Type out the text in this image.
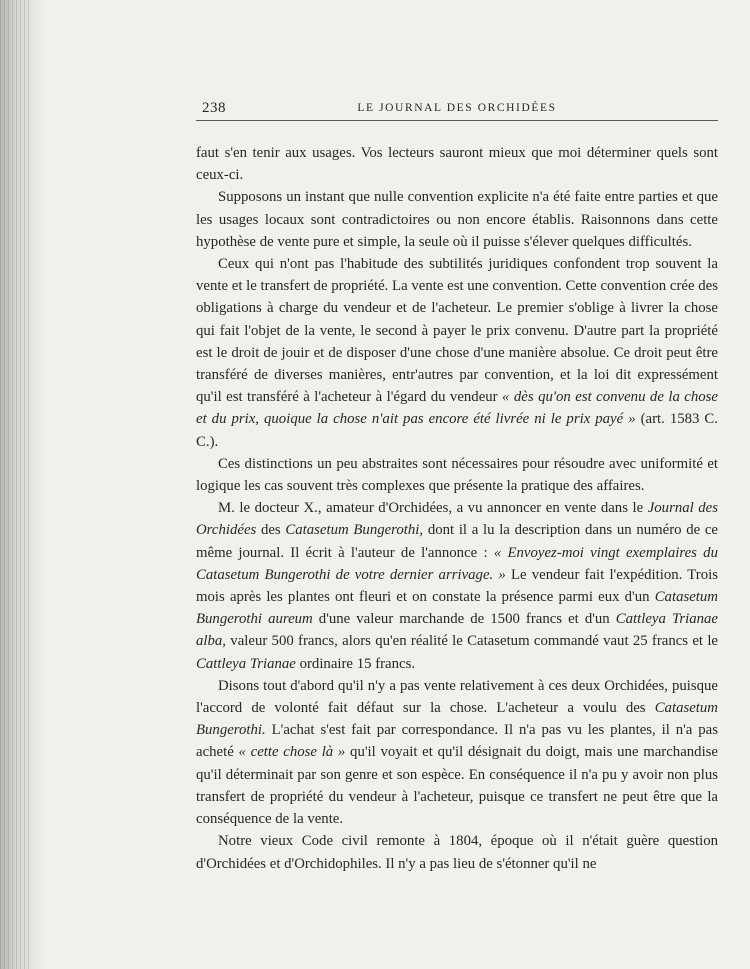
238	LE JOURNAL DES ORCHIDÉES

faut s'en tenir aux usages. Vos lecteurs sauront mieux que moi déterminer quels sont ceux-ci.

Supposons un instant que nulle convention explicite n'a été faite entre parties et que les usages locaux sont contradictoires ou non encore établis. Raisonnons dans cette hypothèse de vente pure et simple, la seule où il puisse s'élever quelques difficultés.

Ceux qui n'ont pas l'habitude des subtilités juridiques confondent trop souvent la vente et le transfert de propriété. La vente est une convention. Cette convention crée des obligations à charge du vendeur et de l'acheteur. Le premier s'oblige à livrer la chose qui fait l'objet de la vente, le second à payer le prix convenu. D'autre part la propriété est le droit de jouir et de disposer d'une chose d'une manière absolue. Ce droit peut être transféré de diverses manières, entr'autres par convention, et la loi dit expressément qu'il est transféré à l'acheteur à l'égard du vendeur « dès qu'on est convenu de la chose et du prix, quoique la chose n'ait pas encore été livrée ni le prix payé » (art. 1583 C. C.).

Ces distinctions un peu abstraites sont nécessaires pour résoudre avec uniformité et logique les cas souvent très complexes que présente la pratique des affaires.

M. le docteur X., amateur d'Orchidées, a vu annoncer en vente dans le Journal des Orchidées des Catasetum Bungerothi, dont il a lu la description dans un numéro de ce même journal. Il écrit à l'auteur de l'annonce : « Envoyez-moi vingt exemplaires du Catasetum Bungerothi de votre dernier arrivage. » Le vendeur fait l'expédition. Trois mois après les plantes ont fleuri et on constate la présence parmi eux d'un Catasetum Bungerothi aureum d'une valeur marchande de 1500 francs et d'un Cattleya Trianae alba, valeur 500 francs, alors qu'en réalité le Catasetum commandé vaut 25 francs et le Cattleya Trianae ordinaire 15 francs.

Disons tout d'abord qu'il n'y a pas vente relativement à ces deux Orchidées, puisque l'accord de volonté fait défaut sur la chose. L'acheteur a voulu des Catasetum Bungerothi. L'achat s'est fait par correspondance. Il n'a pas vu les plantes, il n'a pas acheté « cette chose là » qu'il voyait et qu'il désignait du doigt, mais une marchandise qu'il déterminait par son genre et son espèce. En conséquence il n'a pu y avoir non plus transfert de propriété du vendeur à l'acheteur, puisque ce transfert ne peut être que la conséquence de la vente.

Notre vieux Code civil remonte à 1804, époque où il n'était guère question d'Orchidées et d'Orchidophiles. Il n'y a pas lieu de s'étonner qu'il ne
